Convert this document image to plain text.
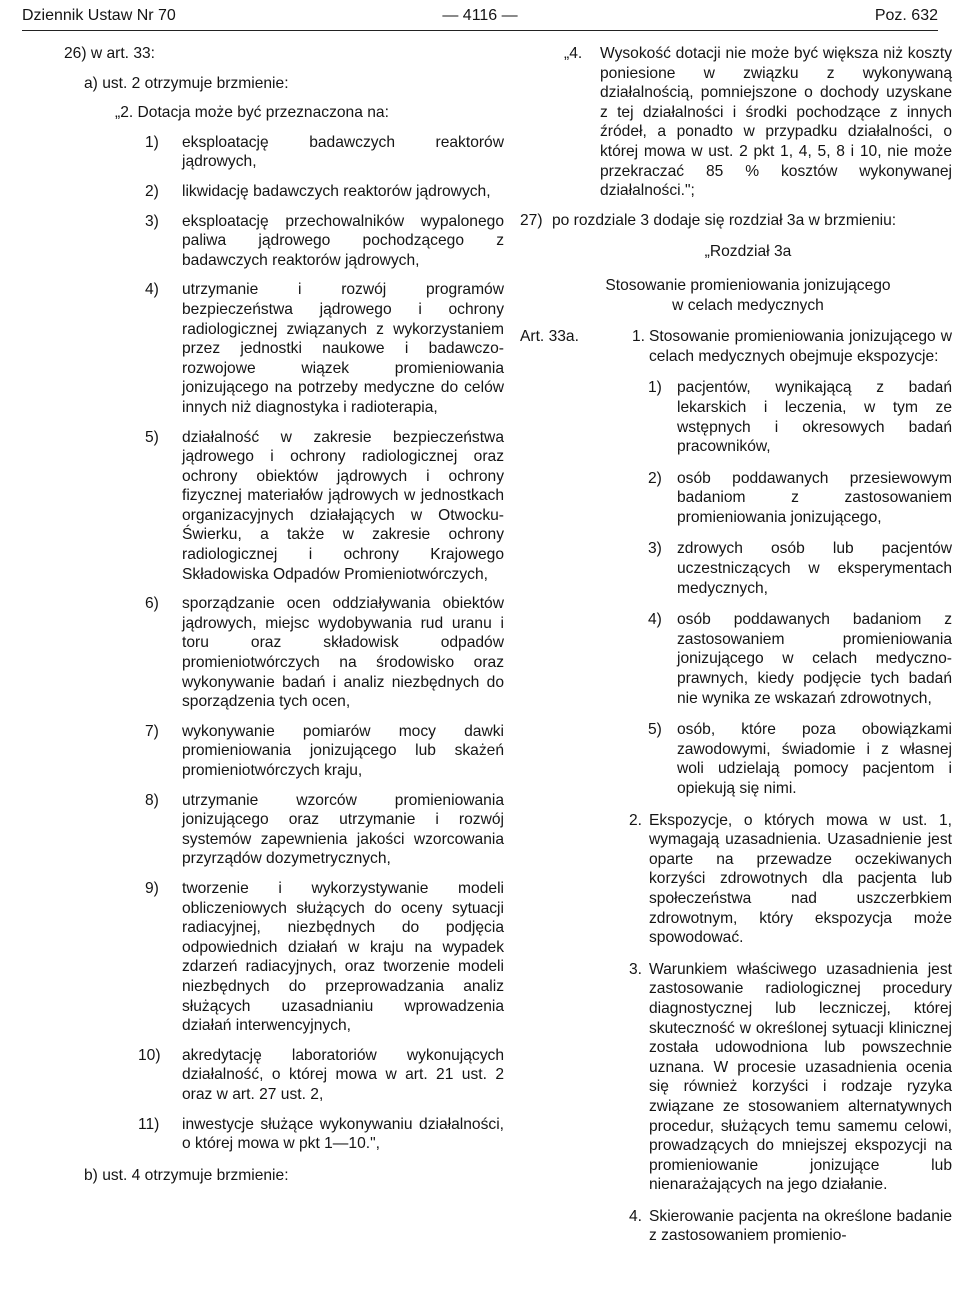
Dziennik Ustaw Nr 70	— 4116 —	Poz. 632

26) w art. 33:

a) ust. 2 otrzymuje brzmienie:

„2. Dotacja może być przeznaczona na:

1)	eksploatację badawczych reaktorów jądrowych,

2)	likwidację badawczych reaktorów jądrowych,

3)	eksploatację przechowalników wypalonego paliwa jądrowego pochodzącego z badawczych reaktorów jądrowych,

4)	utrzymanie i rozwój programów bezpieczeństwa jądrowego i ochrony radiologicznej związanych z wykorzystaniem przez jednostki naukowe i badawczo-rozwojowe wiązek promieniowania jonizującego na potrzeby medyczne do celów innych niż diagnostyka i radioterapia,

5)	działalność w zakresie bezpieczeństwa jądrowego i ochrony radiologicznej oraz ochrony obiektów jądrowych i ochrony fizycznej materiałów jądrowych w jednostkach organizacyjnych działających w Otwocku-Świerku, a także w zakresie ochrony radiologicznej i ochrony Krajowego Składowiska Odpadów Promieniotwórczych,

6)	sporządzanie ocen oddziaływania obiektów jądrowych, miejsc wydobywania rud uranu i toru oraz składowisk odpadów promieniotwórczych na środowisko oraz wykonywanie badań i analiz niezbędnych do sporządzenia tych ocen,

7)	wykonywanie pomiarów mocy dawki promieniowania jonizującego lub skażeń promieniotwórczych kraju,

8)	utrzymanie wzorców promieniowania jonizującego oraz utrzymanie i rozwój systemów zapewnienia jakości wzorcowania przyrządów dozymetrycznych,

9)	tworzenie i wykorzystywanie modeli obliczeniowych służących do oceny sytuacji radiacyjnej, niezbędnych do podjęcia odpowiednich działań w kraju na wypadek zdarzeń radiacyjnych, oraz tworzenie modeli niezbędnych do przeprowadzania analiz służących uzasadnianiu wprowadzenia działań interwencyjnych,

10)	akredytację laboratoriów wykonujących działalność, o której mowa w art. 21 ust. 2 oraz w art. 27 ust. 2,

11)	inwestycje służące wykonywaniu działalności, o której mowa w pkt 1—10.",

b) ust. 4 otrzymuje brzmienie:

„4. Wysokość dotacji nie może być większa niż koszty poniesione w związku z wykonywaną działalnością, pomniejszone o dochody uzyskane z tej działalności i środki pochodzące z innych źródeł, a ponadto w przypadku działalności, o której mowa w ust. 2 pkt 1, 4, 5, 8 i 10, nie może przekraczać 85 % kosztów wykonywanej działalności.";

27) po rozdziale 3 dodaje się rozdział 3a w brzmieniu:

„Rozdział 3a

Stosowanie promieniowania jonizującego

w celach medycznych

Art. 33a.	1. Stosowanie promieniowania jonizującego w celach medycznych obejmuje ekspozycje:

1) pacjentów, wynikającą z badań lekarskich i leczenia, w tym ze wstępnych i okresowych badań pracowników,

2) osób poddawanych przesiewowym badaniom z zastosowaniem promieniowania jonizującego,

3) zdrowych osób lub pacjentów uczestniczących w eksperymentach medycznych,

4) osób poddawanych badaniom z zastosowaniem promieniowania jonizującego w celach medyczno-prawnych, kiedy podjęcie tych badań nie wynika ze wskazań zdrowotnych,

5) osób, które poza obowiązkami zawodowymi, świadomie i z własnej woli udzielają pomocy pacjentom i opiekują się nimi.

2. Ekspozycje, o których mowa w ust. 1, wymagają uzasadnienia. Uzasadnienie jest oparte na przewadze oczekiwanych korzyści zdrowotnych dla pacjenta lub społeczeństwa nad uszczerbkiem zdrowotnym, który ekspozycja może spowodować.

3. Warunkiem właściwego uzasadnienia jest zastosowanie radiologicznej procedury diagnostycznej lub leczniczej, której skuteczność w określonej sytuacji klinicznej została udowodniona lub powszechnie uznana. W procesie uzasadnienia ocenia się również korzyści i rodzaje ryzyka związane ze stosowaniem alternatywnych procedur, służących temu samemu celowi, prowadzących do mniejszej ekspozycji na promieniowanie jonizujące lub nienarażających na jego działanie.

4. Skierowanie pacjenta na określone badanie z zastosowaniem promienio-
